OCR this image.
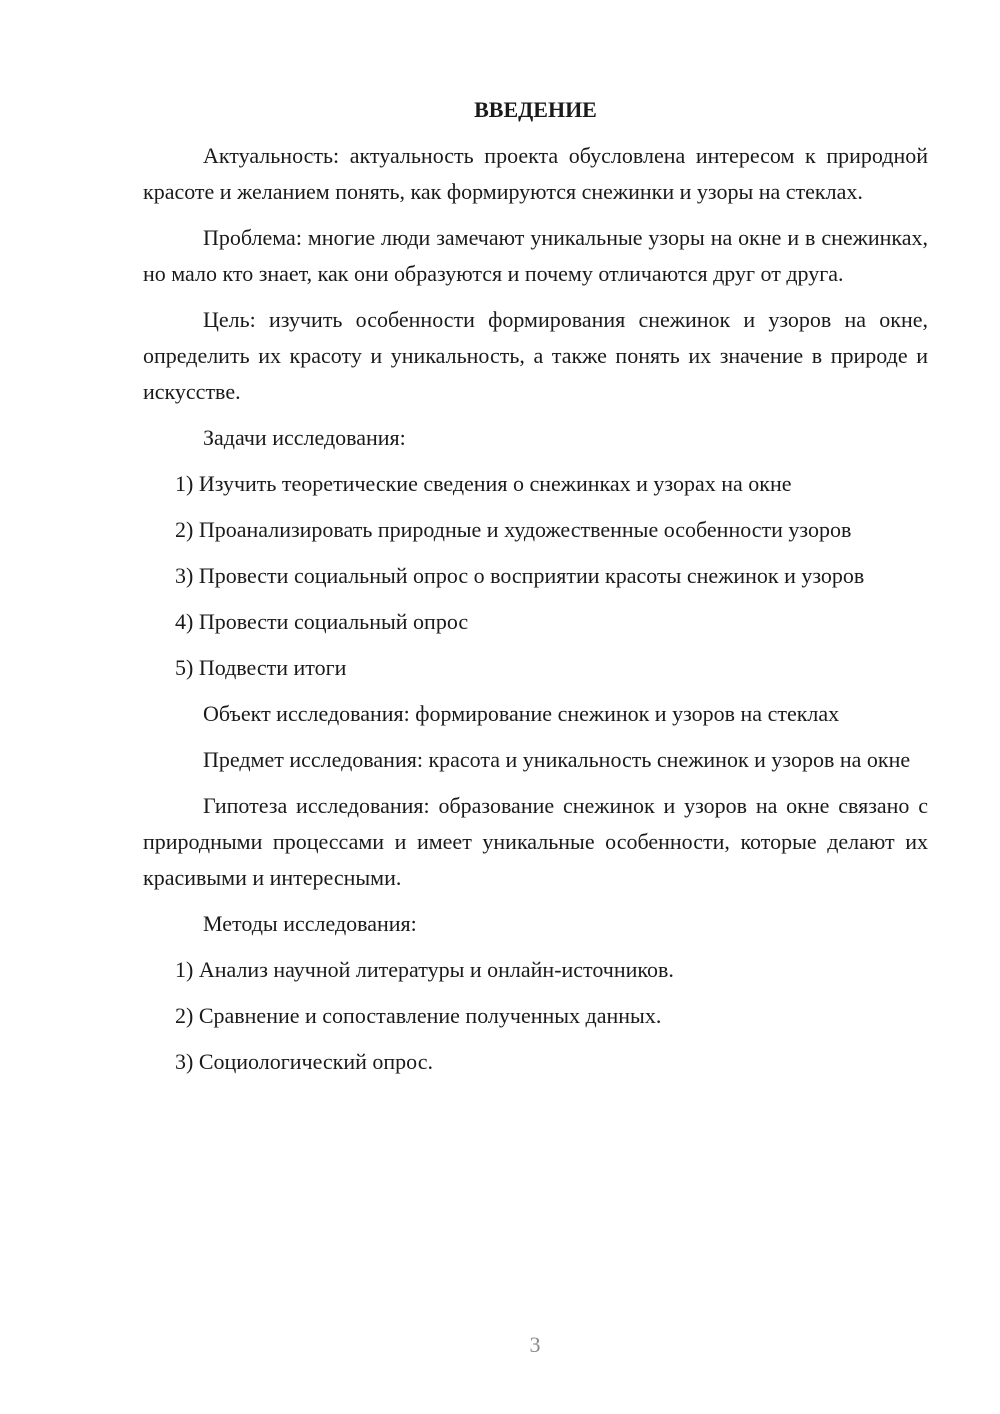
ВВЕДЕНИЕ

Актуальность: актуальность проекта обусловлена интересом к природной красоте и желанием понять, как формируются снежинки и узоры на стеклах.

Проблема: многие люди замечают уникальные узоры на окне и в снежинках, но мало кто знает, как они образуются и почему отличаются друг от друга.

Цель: изучить особенности формирования снежинок и узоров на окне, определить их красоту и уникальность, а также понять их значение в природе и искусстве.

Задачи исследования:

1) Изучить теоретические сведения о снежинках и узорах на окне

2) Проанализировать природные и художественные особенности узоров

3) Провести социальный опрос о восприятии красоты снежинок и узоров

4) Провести социальный опрос

5) Подвести итоги

Объект исследования: формирование снежинок и узоров на стеклах

Предмет исследования: красота и уникальность снежинок и узоров на окне

Гипотеза исследования: образование снежинок и узоров на окне связано с природными процессами и имеет уникальные особенности, которые делают их красивыми и интересными.

Методы исследования:

1) Анализ научной литературы и онлайн-источников.

2) Сравнение и сопоставление полученных данных.

3) Социологический опрос.

3
